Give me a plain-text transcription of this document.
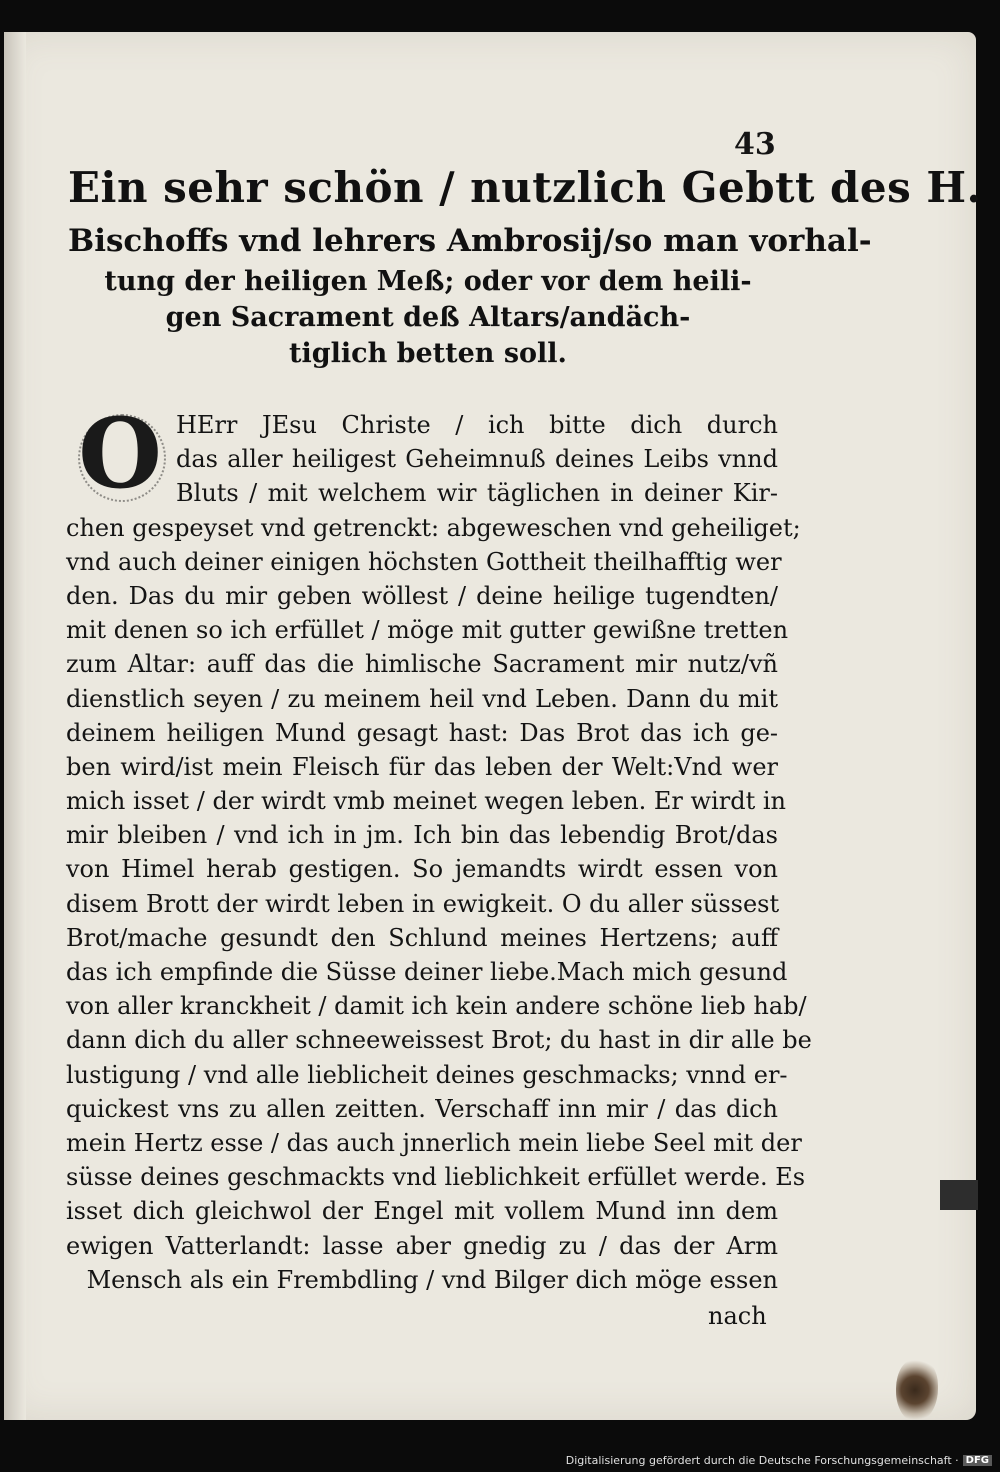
43
Ein sehr schön / nutzlich Gebtt des H.
Bischoffs vnd lehrers Ambrosij/so man vorhal-
tung der heiligen Meß; oder vor dem heili-
gen Sacrament deß Altars/andäch-
tiglich betten soll.
O HErr JEsu Christe / ich bitte dich durch
das aller heiligest Geheimnuß deines Leibs vnnd
Bluts / mit welchem wir täglichen in deiner Kir-
chen gespeyset vnd getrenckt: abgeweschen vnd geheiliget;
vnd auch deiner einigen höchsten Gottheit theilhafftig wer
den. Das du mir geben wöllest / deine heilige tugendten/
mit denen so ich erfüllet / möge mit gutter gewißne tretten
zum Altar: auff das die himlische Sacrament mir nutz/vñ
dienstlich seyen / zu meinem heil vnd Leben. Dann du mit
deinem heiligen Mund gesagt hast: Das Brot das ich ge-
ben wird/ist mein Fleisch für das leben der Welt:Vnd wer
mich isset / der wirdt vmb meinet wegen leben. Er wirdt in
mir bleiben / vnd ich in jm. Ich bin das lebendig Brot/das
von Himel herab gestigen. So jemandts wirdt essen von
disem Brott der wirdt leben in ewigkeit. O du aller süssest
Brot/mache gesundt den Schlund meines Hertzens; auff
das ich empfinde die Süsse deiner liebe.Mach mich gesund
von aller kranckheit / damit ich kein andere schöne lieb hab/
dann dich du aller schneeweissest Brot; du hast in dir alle be
lustigung / vnd alle lieblicheit deines geschmacks; vnnd er-
quickest vns zu allen zeitten. Verschaff inn mir / das dich
mein Hertz esse / das auch jnnerlich mein liebe Seel mit der
süsse deines geschmackts vnd lieblichkeit erfüllet werde. Es
isset dich gleichwol der Engel mit vollem Mund inn dem
ewigen Vatterlandt: lasse aber gnedig zu / das der Arm
Mensch als ein Frembdling / vnd Bilger dich möge essen
nach
Digitalisierung gefördert durch die Deutsche Forschungsgemeinschaft · DFG
